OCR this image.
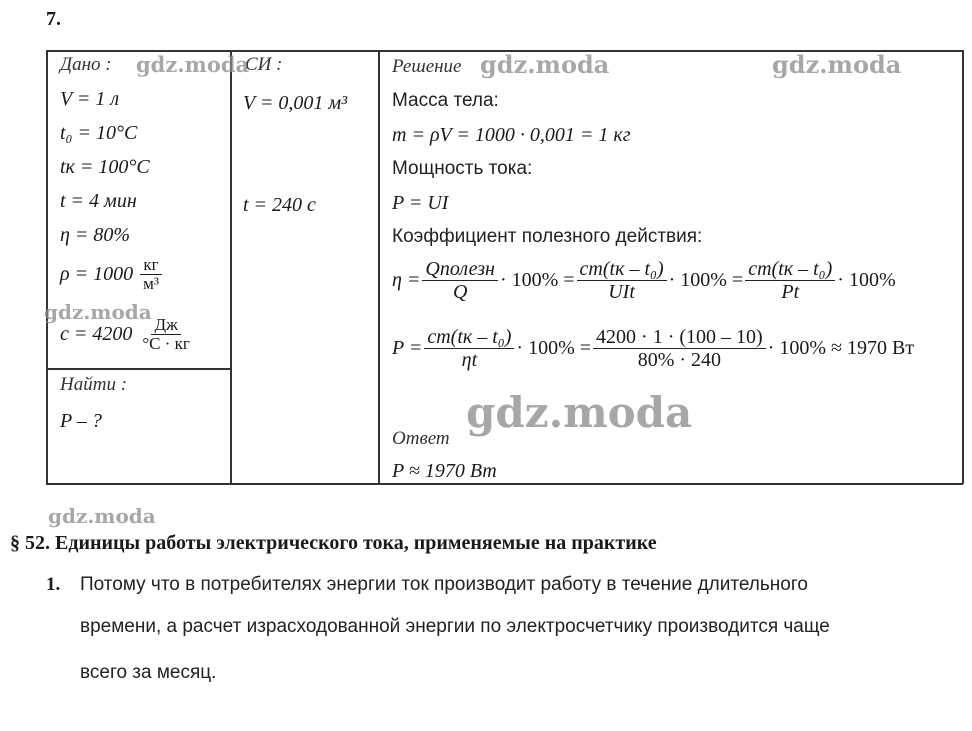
7.
Дано :
V = 1 л
t₀ = 10°C
tк = 100°C
t = 4 мин
η = 80%
$\rho = 1000 \frac{кг}{\text{м³}}$
$c = 4200 \frac{Дж}{^\circ C \cdot кг}$
Найти :
P – ?
СИ :
V = 0,001 м³
t = 240 с
Решение
Масса тела:
m = ρV = 1000 · 0,001 = 1 кг
Мощность тока:
P = UI
Коэффициент полезного действия:
$\eta = \frac{\text{Qполезн}}{Q} \cdot 100\% = \frac{\text{cm(tк – t₀)}}{\text{UIt}} \cdot 100\% = \frac{\text{cm(tк – t₀)}}{Pt} \cdot 100\%$
$P = \frac{\text{cm(tк – t₀)}}{\eta t} \cdot 100\% = \frac{4200 \cdot 1 \cdot (100 - 10)}{80\% \cdot 240} \cdot 100\% \approx 1970$ Вт
Ответ
P ≈ 1970 Вт
gdz.moda	gdz.moda	gdz.moda
gdz.moda
gdz.moda
gdz.moda
§ 52. Единицы работы электрического тока, применяемые на практике
1. Потому что в потребителях энергии ток производит работу в течение длительного
времени, а расчет израсходованной энергии по электросчетчику производится чаще
всего за месяц.
